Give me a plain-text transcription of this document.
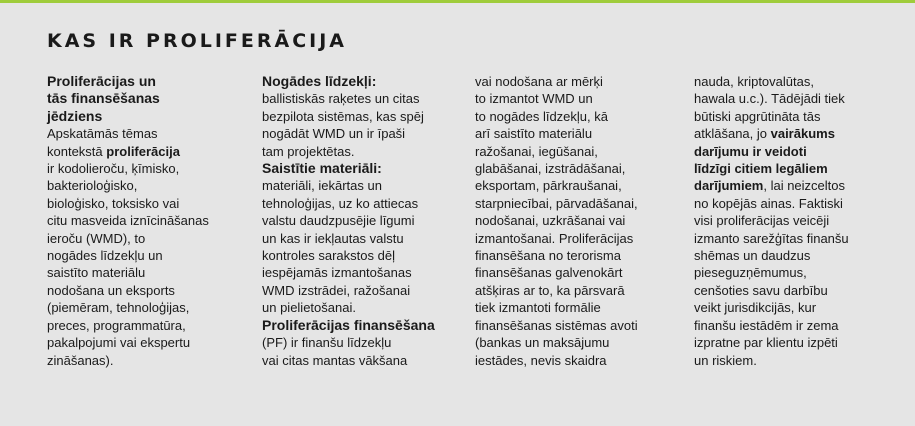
KAS IR PROLIFERĀCIJA
Proliferācijas un
tās finansēšanas
jēdziens
Apskatāmās tēmas
kontekstā proliferācija
ir kodolieroču, ķīmisko,
bakterioloģisko,
bioloģisko, toksisko vai
citu masveida iznīcināšanas
ieroču (WMD), to
nogādes līdzekļu un
saistīto materiālu
nodošana un eksports
(piemēram, tehnoloģijas,
preces, programmatūra,
pakalpojumi vai ekspertu
zināšanas).

Nogādes līdzekļi:

ballistiskās raķetes un citas
bezpilota sistēmas, kas spēj
nogādāt WMD un ir īpaši
tam projektētas.

Saistītie materiāli:

materiāli, iekārtas un
tehnoloģijas, uz ko attiecas
valstu daudzpusējie līgumi
un kas ir iekļautas valstu
kontroles sarakstos dēļ
iespējamās izmantošanas
WMD izstrādei, ražošanai
un pielietošanai.

Proliferācijas finansēšana

(PF) ir finanšu līdzekļu
vai citas mantas vākšana
vai nodošana ar mērķi
to izmantot WMD un
to nogādes līdzekļu, kā
arī saistīto materiālu
ražošanai, iegūšanai,
glabāšanai, izstrādāšanai,
eksportam, pārkraušanai,
starpniecībai, pārvadāšanai,
nodošanai, uzkrāšanai vai
izmantošanai. Proliferācijas
finansēšana no terorisma
finansēšanas galvenokārt
atšķiras ar to, ka pārsvarā
tiek izmantoti formālie
finansēšanas sistēmas avoti
(bankas un maksājumu
iestādes, nevis skaidra
nauda, kriptovalūtas,
hawala u.c.). Tādējādi tiek
būtiski apgrūtināta tās
atklāšana, jo vairākums
darījumu ir veidoti
līdzīgi citiem legāliem
darījumiem, lai neizceltos
no kopējās ainas. Faktiski
visi proliferācijas veicēji
izmanto sarežģītas finanšu
shēmas un daudzus
pieseguzņēmumus,
cenšoties savu darbību
veikt jurisdikcijās, kur
finanšu iestādēm ir zema
izpratne par klientu izpēti
un riskiem.
